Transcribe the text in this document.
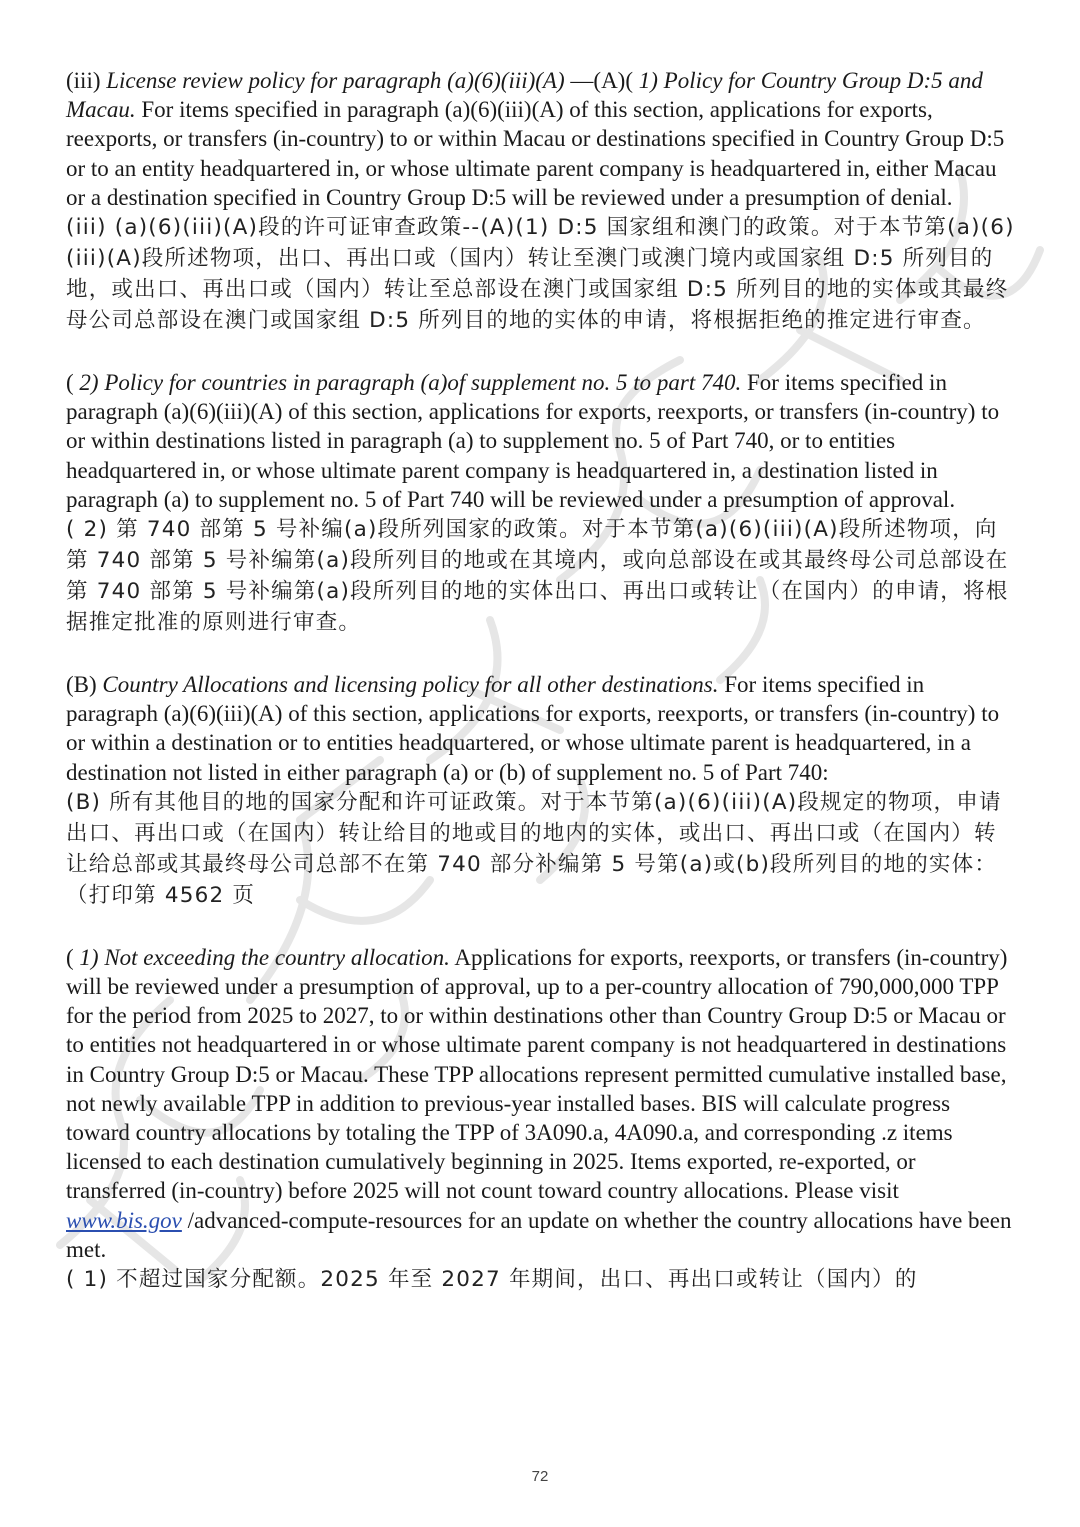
(iii) License review policy for paragraph (a)(6)(iii)(A) —(A)( 1) Policy for Country Group D:5 and Macau. For items specified in paragraph (a)(6)(iii)(A) of this section, applications for exports, reexports, or transfers (in-country) to or within Macau or destinations specified in Country Group D:5 or to an entity headquartered in, or whose ultimate parent company is headquartered in, either Macau or a destination specified in Country Group D:5 will be reviewed under a presumption of denial.

(iii) (a)(6)(iii)(A)段的许可证审查政策--(A)(1) D:5 国家组和澳门的政策。对于本节第(a)(6)(iii)(A)段所述物项，出口、再出口或（国内）转让至澳门或澳门境内或国家组 D:5 所列目的地，或出口、再出口或（国内）转让至总部设在澳门或国家组 D:5 所列目的地的实体或其最终母公司总部设在澳门或国家组 D:5 所列目的地的实体的申请，将根据拒绝的推定进行审查。

( 2) Policy for countries in paragraph (a)of supplement no. 5 to part 740. For items specified in paragraph (a)(6)(iii)(A) of this section, applications for exports, reexports, or transfers (in-country) to or within destinations listed in paragraph (a) to supplement no. 5 of Part 740, or to entities headquartered in, or whose ultimate parent company is headquartered in, a destination listed in paragraph (a) to supplement no. 5 of Part 740 will be reviewed under a presumption of approval.

( 2) 第 740 部第 5 号补编(a)段所列国家的政策。对于本节第(a)(6)(iii)(A)段所述物项，向第 740 部第 5 号补编第(a)段所列目的地或在其境内，或向总部设在或其最终母公司总部设在第 740 部第 5 号补编第(a)段所列目的地的实体出口、再出口或转让（在国内）的申请，将根据推定批准的原则进行审查。

(B) Country Allocations and licensing policy for all other destinations. For items specified in paragraph (a)(6)(iii)(A) of this section, applications for exports, reexports, or transfers (in-country) to or within a destination or to entities headquartered, or whose ultimate parent is headquartered, in a destination not listed in either paragraph (a) or (b) of supplement no. 5 of Part 740:

(B) 所有其他目的地的国家分配和许可证政策。对于本节第(a)(6)(iii)(A)段规定的物项，申请出口、再出口或（在国内）转让给目的地或目的地内的实体，或出口、再出口或（在国内）转让给总部或其最终母公司总部不在第 740 部分补编第 5 号第(a)或(b)段所列目的地的实体：（打印第 4562 页

( 1) Not exceeding the country allocation. Applications for exports, reexports, or transfers (in-country) will be reviewed under a presumption of approval, up to a per-country allocation of 790,000,000 TPP for the period from 2025 to 2027, to or within destinations other than Country Group D:5 or Macau or to entities not headquartered in or whose ultimate parent company is not headquartered in destinations in Country Group D:5 or Macau. These TPP allocations represent permitted cumulative installed base, not newly available TPP in addition to previous-year installed bases. BIS will calculate progress toward country allocations by totaling the TPP of 3A090.a, 4A090.a, and corresponding .z items licensed to each destination cumulatively beginning in 2025. Items exported, re-exported, or transferred (in-country) before 2025 will not count toward country allocations. Please visit www.bis.gov /advanced-compute-resources for an update on whether the country allocations have been met.

( 1) 不超过国家分配额。2025 年至 2027 年期间，出口、再出口或转让（国内）的

72
